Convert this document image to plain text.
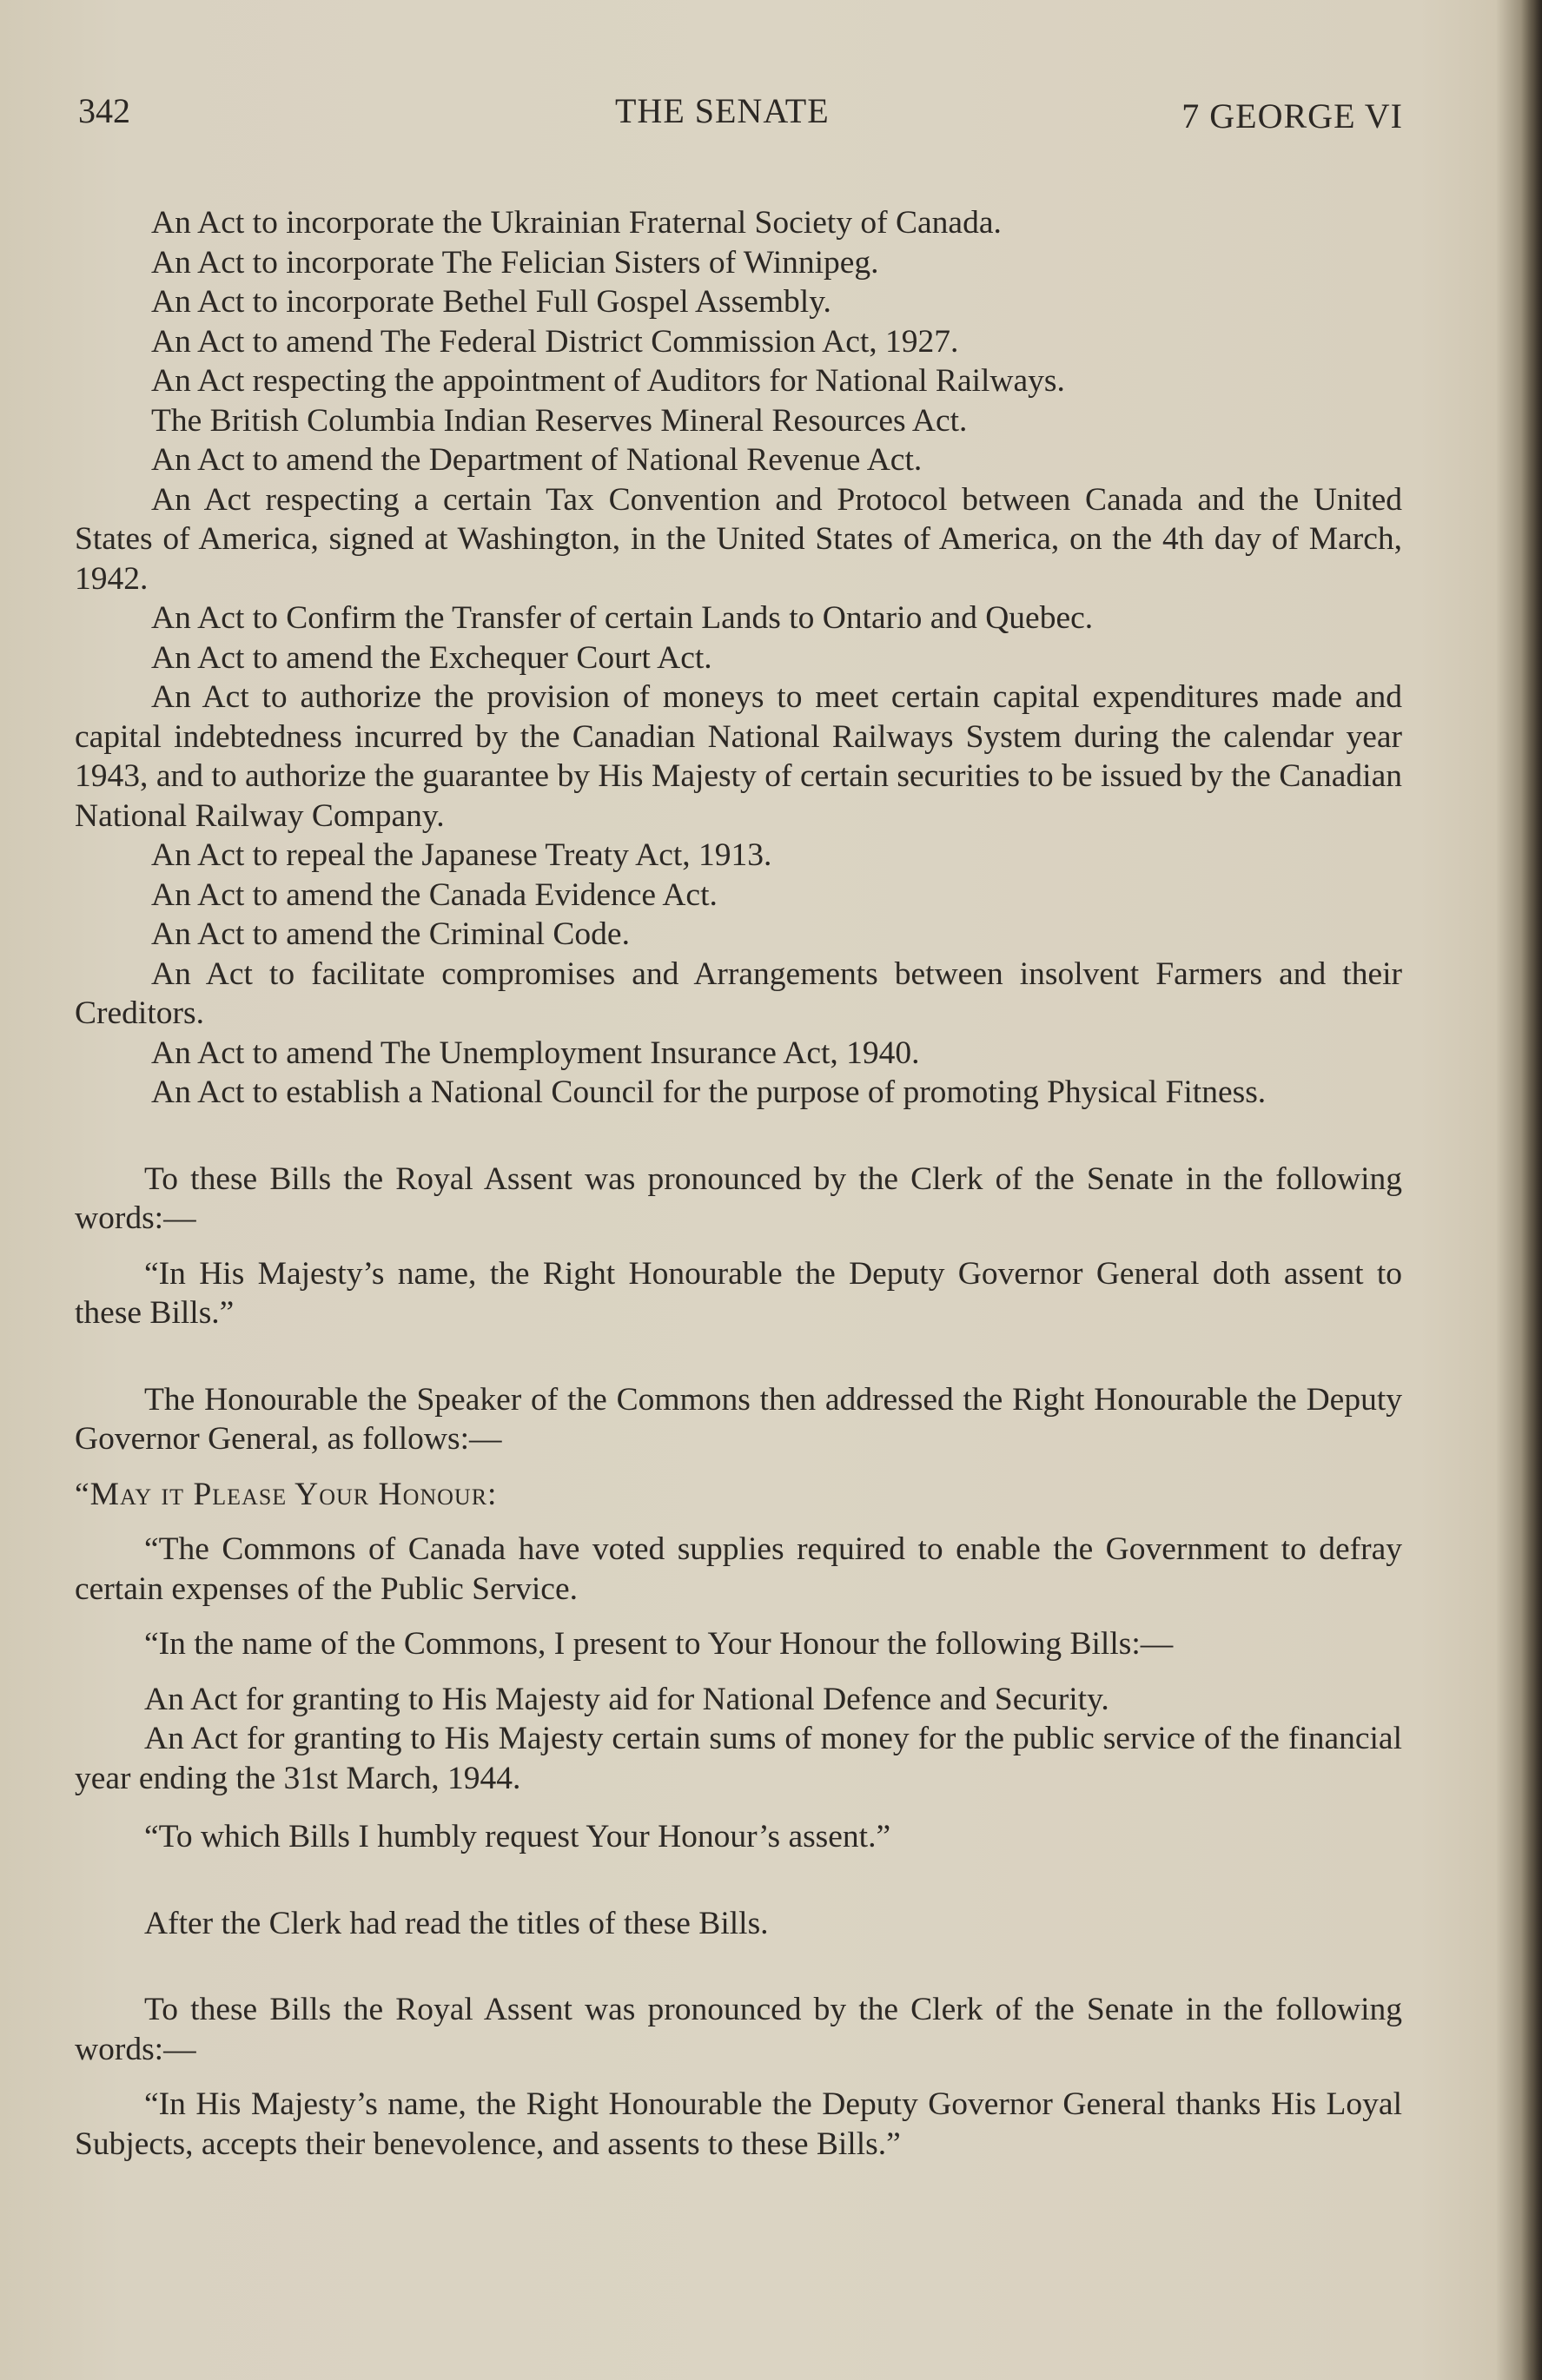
342	THE SENATE	7 GEORGE VI

An Act to incorporate the Ukrainian Fraternal Society of Canada.

An Act to incorporate The Felician Sisters of Winnipeg.

An Act to incorporate Bethel Full Gospel Assembly.

An Act to amend The Federal District Commission Act, 1927.

An Act respecting the appointment of Auditors for National Railways.

The British Columbia Indian Reserves Mineral Resources Act.

An Act to amend the Department of National Revenue Act.

An Act respecting a certain Tax Convention and Protocol between Canada and the United States of America, signed at Washington, in the United States of America, on the 4th day of March, 1942.

An Act to Confirm the Transfer of certain Lands to Ontario and Quebec.

An Act to amend the Exchequer Court Act.

An Act to authorize the provision of moneys to meet certain capital expenditures made and capital indebtedness incurred by the Canadian National Railways System during the calendar year 1943, and to authorize the guarantee by His Majesty of certain securities to be issued by the Canadian National Railway Company.

An Act to repeal the Japanese Treaty Act, 1913.

An Act to amend the Canada Evidence Act.

An Act to amend the Criminal Code.

An Act to facilitate compromises and Arrangements between insolvent Farmers and their Creditors.

An Act to amend The Unemployment Insurance Act, 1940.

An Act to establish a National Council for the purpose of promoting Physical Fitness.

To these Bills the Royal Assent was pronounced by the Clerk of the Senate in the following words:—

“In His Majesty’s name, the Right Honourable the Deputy Governor General doth assent to these Bills.”

The Honourable the Speaker of the Commons then addressed the Right Honourable the Deputy Governor General, as follows:—

“May it Please Your Honour:

“The Commons of Canada have voted supplies required to enable the Government to defray certain expenses of the Public Service.

“In the name of the Commons, I present to Your Honour the following Bills:—

An Act for granting to His Majesty aid for National Defence and Security.

An Act for granting to His Majesty certain sums of money for the public service of the financial year ending the 31st March, 1944.

“To which Bills I humbly request Your Honour’s assent.”

After the Clerk had read the titles of these Bills.

To these Bills the Royal Assent was pronounced by the Clerk of the Senate in the following words:—

“In His Majesty’s name, the Right Honourable the Deputy Governor General thanks His Loyal Subjects, accepts their benevolence, and assents to these Bills.”
